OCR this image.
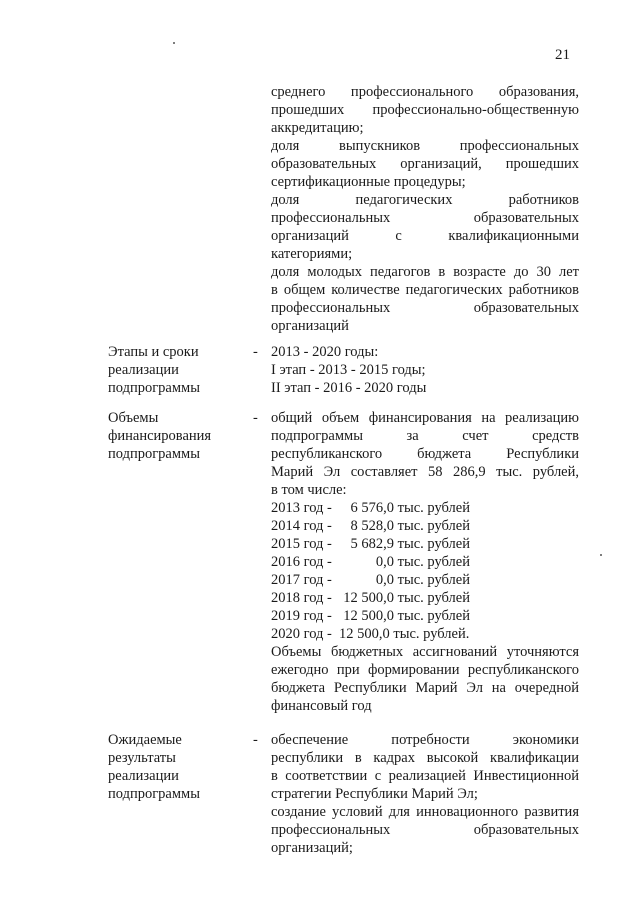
21
среднего профессионального образования,
прошедших профессионально-общественную
аккредитацию;
доля выпускников профессиональных
образовательных организаций, прошедших
сертификационные процедуры;
доля педагогических работников
профессиональных образовательных
организаций с квалификационными
категориями;
доля молодых педагогов в возрасте до 30 лет
в общем количестве педагогических работников
профессиональных образовательных
организаций
Этапы и сроки
реализации
подпрограммы
- 2013 - 2020 годы:
I этап - 2013 - 2015 годы;
II этап - 2016 - 2020 годы
Объемы
финансирования
подпрограммы
- общий объем финансирования на реализацию
подпрограммы за счет средств
республиканского бюджета Республики
Марий Эл составляет 58 286,9 тыс. рублей,
в том числе:
2013 год - 6 576,0 тыс. рублей
2014 год - 8 528,0 тыс. рублей
2015 год - 5 682,9 тыс. рублей
2016 год -	0,0 тыс. рублей
2017 год -	0,0 тыс. рублей
2018 год - 12 500,0 тыс. рублей
2019 год - 12 500,0 тыс. рублей
2020 год - 12 500,0 тыс. рублей.
Объемы бюджетных ассигнований уточняются
ежегодно при формировании республиканского
бюджета Республики Марий Эл на очередной
финансовый год
Ожидаемые
результаты
реализации
подпрограммы
- обеспечение потребности экономики
республики в кадрах высокой квалификации
в соответствии с реализацией Инвестиционной
стратегии Республики Марий Эл;
создание условий для инновационного развития
профессиональных образовательных
организаций;
